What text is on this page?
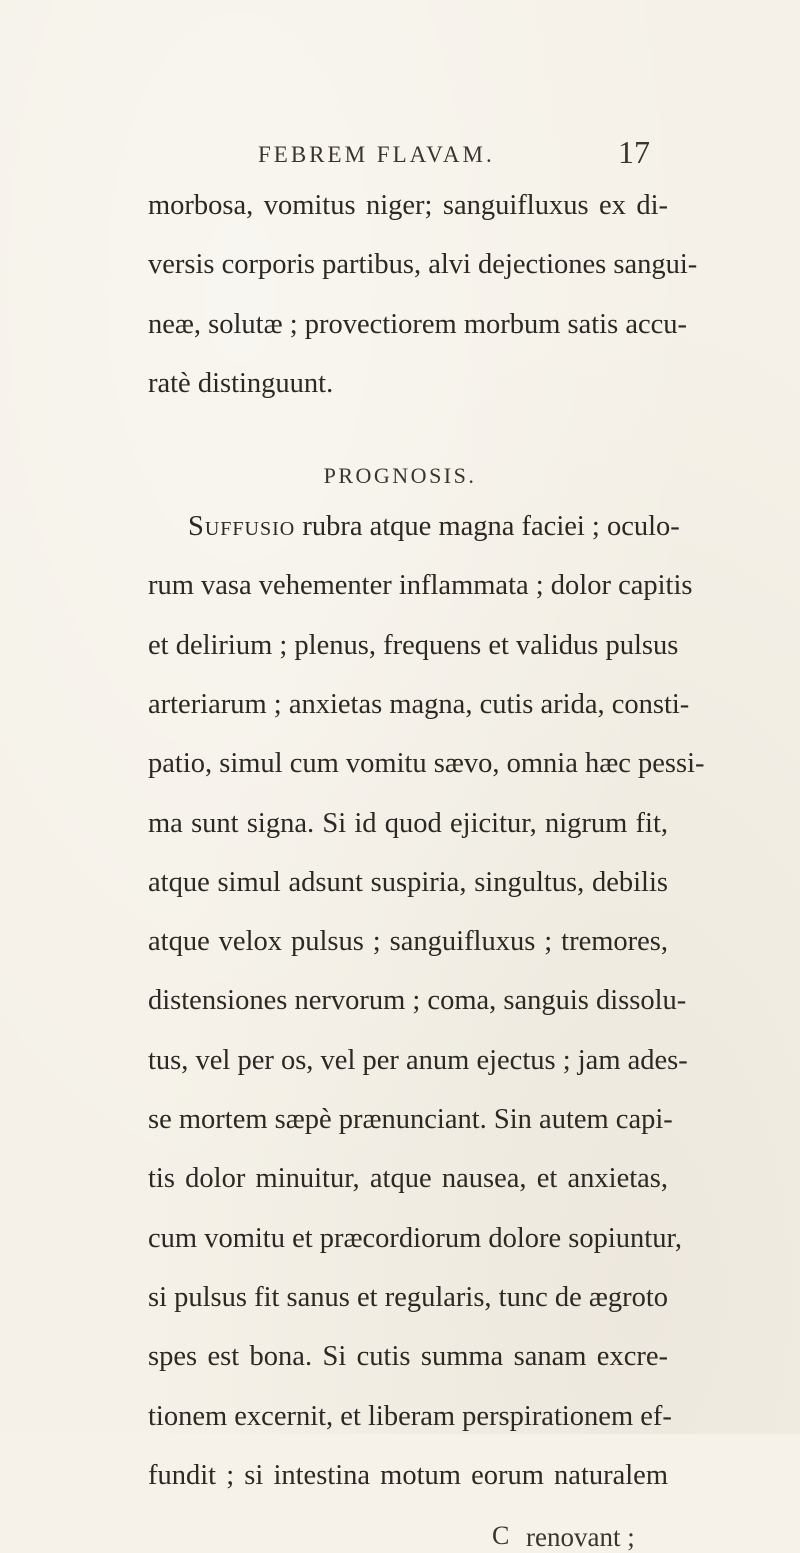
FEBREM FLAVAM.	17
morbosa, vomitus niger; sanguifluxus ex di-
versis corporis partibus, alvi dejectiones sangui-
neæ, solutæ ; provectiorem morbum satis accu-
ratè distinguunt.
PROGNOSIS.
Suffusio rubra atque magna faciei ; oculo-
rum vasa vehementer inflammata ; dolor capitis
et delirium ; plenus, frequens et validus pulsus
arteriarum ; anxietas magna, cutis arida, consti-
patio, simul cum vomitu sævo, omnia hæc pessi-
ma sunt signa. Si id quod ejicitur, nigrum fit,
atque simul adsunt suspiria, singultus, debilis
atque velox pulsus ; sanguifluxus ; tremores,
distensiones nervorum ; coma, sanguis dissolu-
tus, vel per os, vel per anum ejectus ; jam ades-
se mortem sæpè prænunciant. Sin autem capi-
tis dolor minuitur, atque nausea, et anxietas,
cum vomitu et præcordiorum dolore sopiuntur,
si pulsus fit sanus et regularis, tunc de ægroto
spes est bona. Si cutis summa sanam excre-
tionem excernit, et liberam perspirationem ef-
fundit ; si intestina motum eorum naturalem
C renovant ;
